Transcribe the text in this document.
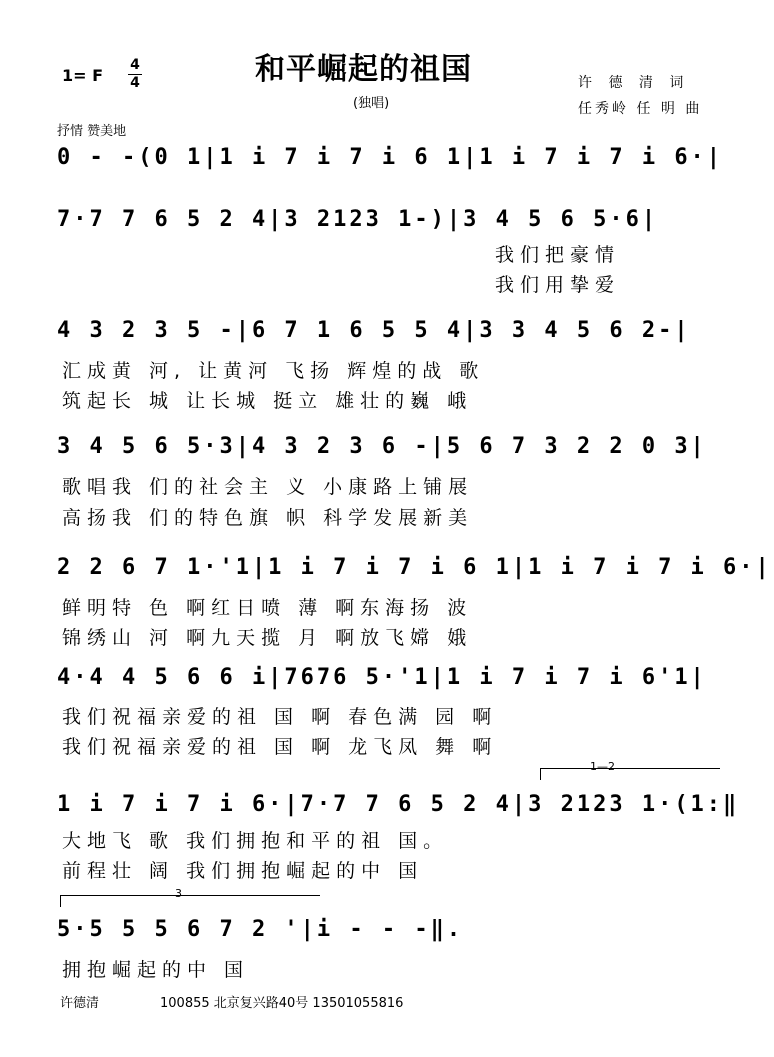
1= F
4
4	和平崛起的祖国
(独唱)
许 德 清 词
任秀岭 任 明 曲
抒情 赞美地
0 - -(0 1|1 i 7 i 7 i 6 1|1 i 7 i 7 i 6·|
7·7 7 6 5 2 4|3 2123 1-)|3 4 5 6 5·6|
我们把豪情
我们用挚爱
4 3 2 3 5 -|6 7 1 6 5 5 4|3 3 4 5 6 2-|
汇成黄 河, 让黄河 飞扬 辉煌的战 歌
筑起长 城 让长城 挺立 雄壮的巍 峨
3 4 5 6 5·3|4 3 2 3 6 -|5 6 7 3 2 2 0 3|
歌唱我 们的社会主 义 小康路上铺展
高扬我 们的特色旗 帜 科学发展新美
2 2 6 7 1·'1|1 i 7 i 7 i 6 1|1 i 7 i 7 i 6·|
鲜明特 色 啊红日喷 薄 啊东海扬 波
锦绣山 河 啊九天揽 月 啊放飞嫦 娥
4·4 4 5 6 6 i|7676 5·'1|1 i 7 i 7 i 6'1|
我们祝福亲爱的祖 国 啊 春色满 园 啊
我们祝福亲爱的祖 国 啊 龙飞凤 舞 啊
1—2
1 i 7 i 7 i 6·|7·7 7 6 5 2 4|3 2123 1·(1:‖
大地飞 歌 我们拥抱和平的祖 国。
前程壮 阔 我们拥抱崛起的中 国
3
5·5 5 5 6 7 2 '|i - - -‖.
拥抱崛起的中 国
许德清	100855 北京复兴路40号 13501055816
